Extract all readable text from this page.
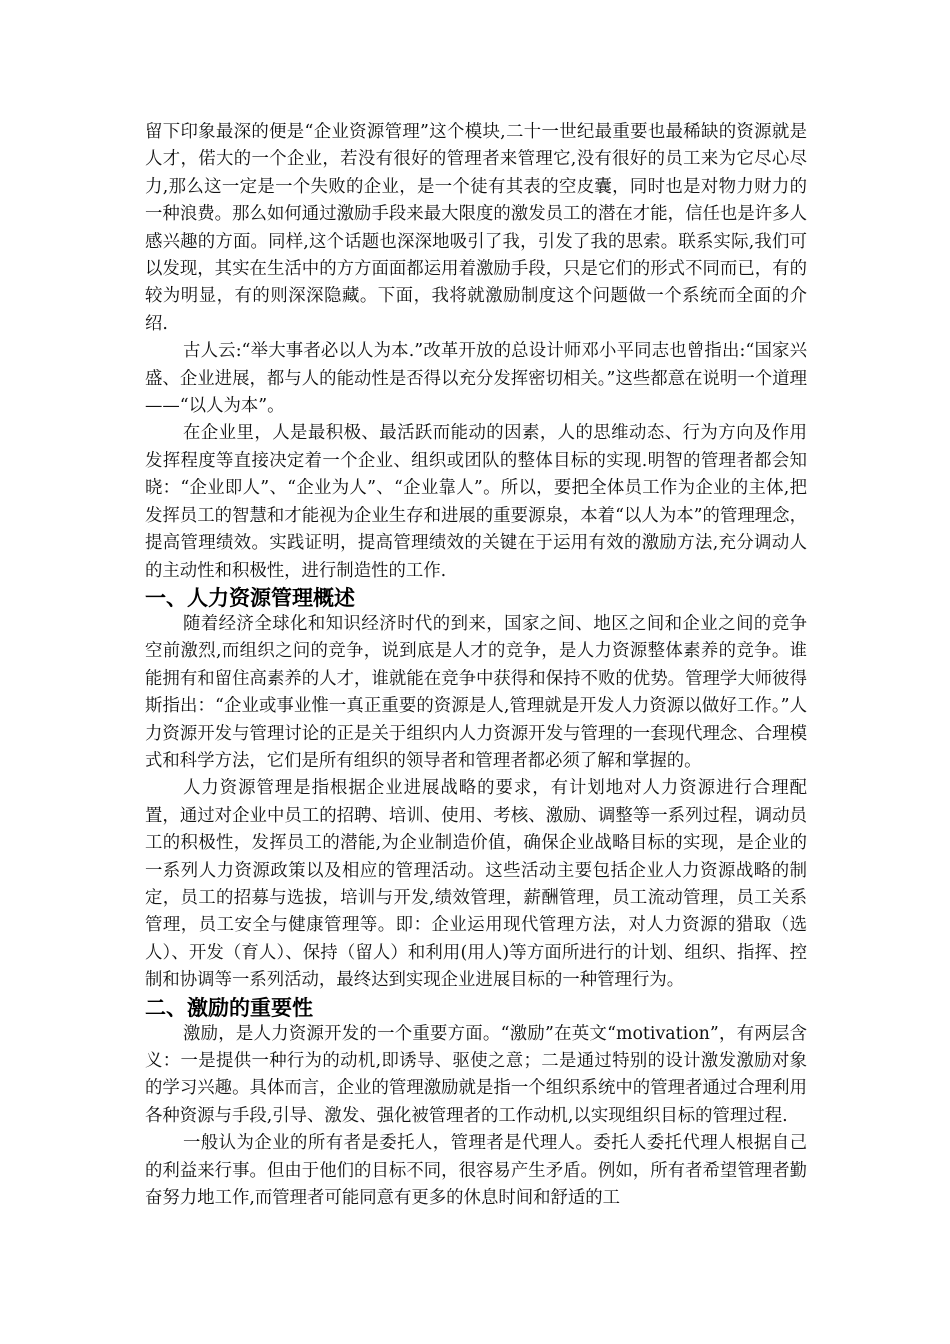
留下印象最深的便是“企业资源管理”这个模块,二十一世纪最重要也最稀缺的资源就是人才，偌大的一个企业，若没有很好的管理者来管理它,没有很好的员工来为它尽心尽力,那么这一定是一个失败的企业，是一个徒有其表的空皮囊，同时也是对物力财力的一种浪费。那么如何通过激励手段来最大限度的激发员工的潜在才能，信任也是许多人感兴趣的方面。同样,这个话题也深深地吸引了我，引发了我的思索。联系实际,我们可以发现，其实在生活中的方方面面都运用着激励手段，只是它们的形式不同而已，有的较为明显，有的则深深隐藏。下面，我将就激励制度这个问题做一个系统而全面的介绍.

古人云:“举大事者必以人为本.”改革开放的总设计师邓小平同志也曾指出:“国家兴盛、企业进展，都与人的能动性是否得以充分发挥密切相关。”这些都意在说明一个道理——“以人为本”。

在企业里，人是最积极、最活跃而能动的因素，人的思维动态、行为方向及作用发挥程度等直接决定着一个企业、组织或团队的整体目标的实现.明智的管理者都会知晓：“企业即人”、“企业为人”、“企业靠人”。所以，要把全体员工作为企业的主体,把发挥员工的智慧和才能视为企业生存和进展的重要源泉，本着“以人为本”的管理理念，提高管理绩效。实践证明，提高管理绩效的关键在于运用有效的激励方法,充分调动人的主动性和积极性，进行制造性的工作.

一、人力资源管理概述

随着经济全球化和知识经济时代的到来，国家之间、地区之间和企业之间的竞争空前激烈,而组织之问的竞争，说到底是人才的竞争，是人力资源整体素养的竞争。谁能拥有和留住高素养的人才，谁就能在竞争中获得和保持不败的优势。管理学大师彼得斯指出：“企业或事业惟一真正重要的资源是人,管理就是开发人力资源以做好工作。”人力资源开发与管理讨论的正是关于组织内人力资源开发与管理的一套现代理念、合理模式和科学方法，它们是所有组织的领导者和管理者都必须了解和掌握的。

人力资源管理是指根据企业进展战略的要求，有计划地对人力资源进行合理配置，通过对企业中员工的招聘、培训、使用、考核、激励、调整等一系列过程，调动员工的积极性，发挥员工的潜能,为企业制造价值，确保企业战略目标的实现，是企业的一系列人力资源政策以及相应的管理活动。这些活动主要包括企业人力资源战略的制定，员工的招募与选拔，培训与开发,绩效管理，薪酬管理，员工流动管理，员工关系管理，员工安全与健康管理等。即：企业运用现代管理方法，对人力资源的猎取（选人）、开发（育人）、保持（留人）和利用(用人)等方面所进行的计划、组织、指挥、控制和协调等一系列活动，最终达到实现企业进展目标的一种管理行为。

二、激励的重要性

激励，是人力资源开发的一个重要方面。“激励”在英文“motivation”，有两层含义：一是提供一种行为的动机,即诱导、驱使之意；二是通过特别的设计激发激励对象的学习兴趣。具体而言，企业的管理激励就是指一个组织系统中的管理者通过合理利用各种资源与手段,引导、激发、强化被管理者的工作动机,以实现组织目标的管理过程.

一般认为企业的所有者是委托人，管理者是代理人。委托人委托代理人根据自己的利益来行事。但由于他们的目标不同，很容易产生矛盾。例如，所有者希望管理者勤奋努力地工作,而管理者可能同意有更多的休息时间和舒适的工
